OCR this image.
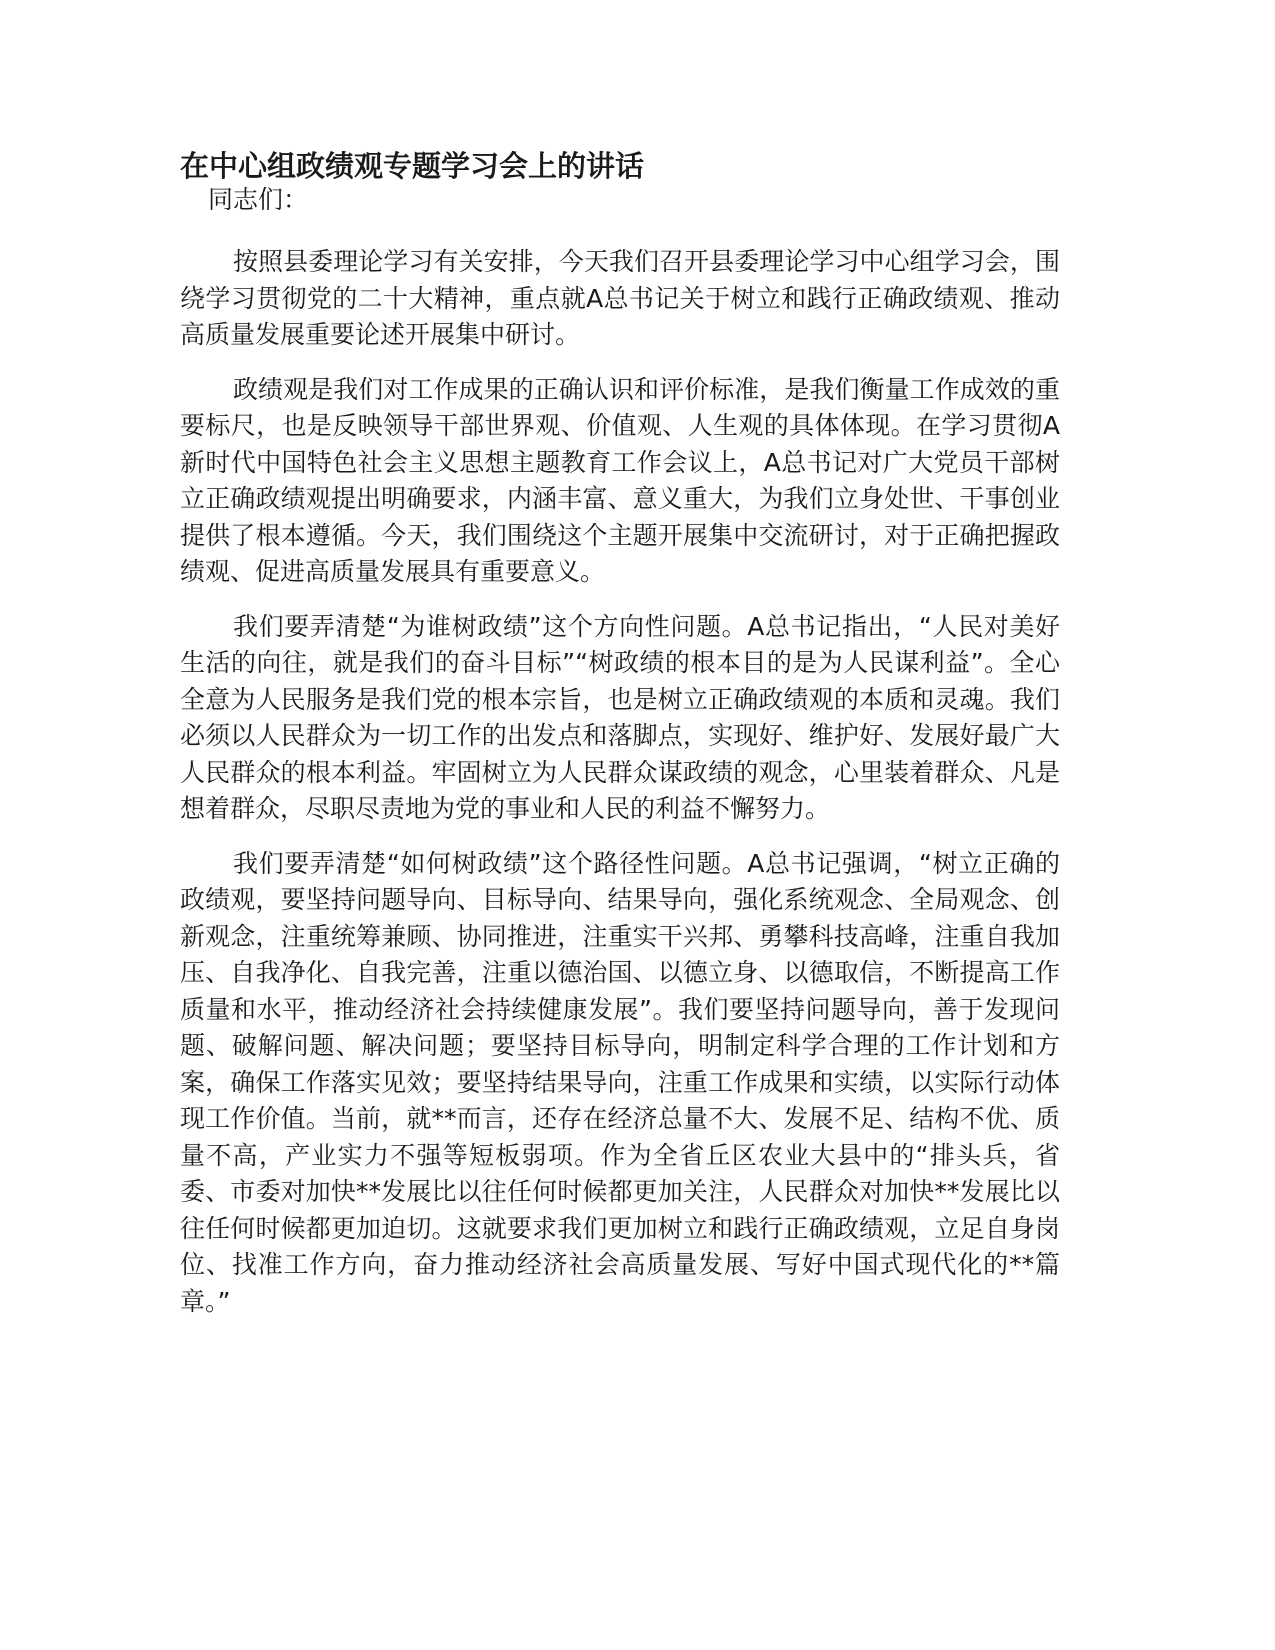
在中心组政绩观专题学习会上的讲话

同志们：

按照县委理论学习有关安排，今天我们召开县委理论学习中心组学习会，围绕学习贯彻党的二十大精神，重点就A总书记关于树立和践行正确政绩观、推动高质量发展重要论述开展集中研讨。

政绩观是我们对工作成果的正确认识和评价标准，是我们衡量工作成效的重要标尺，也是反映领导干部世界观、价值观、人生观的具体体现。在学习贯彻A新时代中国特色社会主义思想主题教育工作会议上，A总书记对广大党员干部树立正确政绩观提出明确要求，内涵丰富、意义重大，为我们立身处世、干事创业提供了根本遵循。今天，我们围绕这个主题开展集中交流研讨，对于正确把握政绩观、促进高质量发展具有重要意义。

我们要弄清楚“为谁树政绩”这个方向性问题。A总书记指出，“人民对美好生活的向往，就是我们的奋斗目标”“树政绩的根本目的是为人民谋利益”。全心全意为人民服务是我们党的根本宗旨，也是树立正确政绩观的本质和灵魂。我们必须以人民群众为一切工作的出发点和落脚点，实现好、维护好、发展好最广大人民群众的根本利益。牢固树立为人民群众谋政绩的观念，心里装着群众、凡是想着群众，尽职尽责地为党的事业和人民的利益不懈努力。

我们要弄清楚“如何树政绩”这个路径性问题。A总书记强调，“树立正确的政绩观，要坚持问题导向、目标导向、结果导向，强化系统观念、全局观念、创新观念，注重统筹兼顾、协同推进，注重实干兴邦、勇攀科技高峰，注重自我加压、自我净化、自我完善，注重以德治国、以德立身、以德取信，不断提高工作质量和水平，推动经济社会持续健康发展”。我们要坚持问题导向，善于发现问题、破解问题、解决问题；要坚持目标导向，明制定科学合理的工作计划和方案，确保工作落实见效；要坚持结果导向，注重工作成果和实绩，以实际行动体现工作价值。当前，就**而言，还存在经济总量不大、发展不足、结构不优、质量不高，产业实力不强等短板弱项。作为全省丘区农业大县中的“排头兵，省委、市委对加快**发展比以往任何时候都更加关注，人民群众对加快**发展比以往任何时候都更加迫切。这就要求我们更加树立和践行正确政绩观，立足自身岗位、找准工作方向，奋力推动经济社会高质量发展、写好中国式现代化的**篇章。”
